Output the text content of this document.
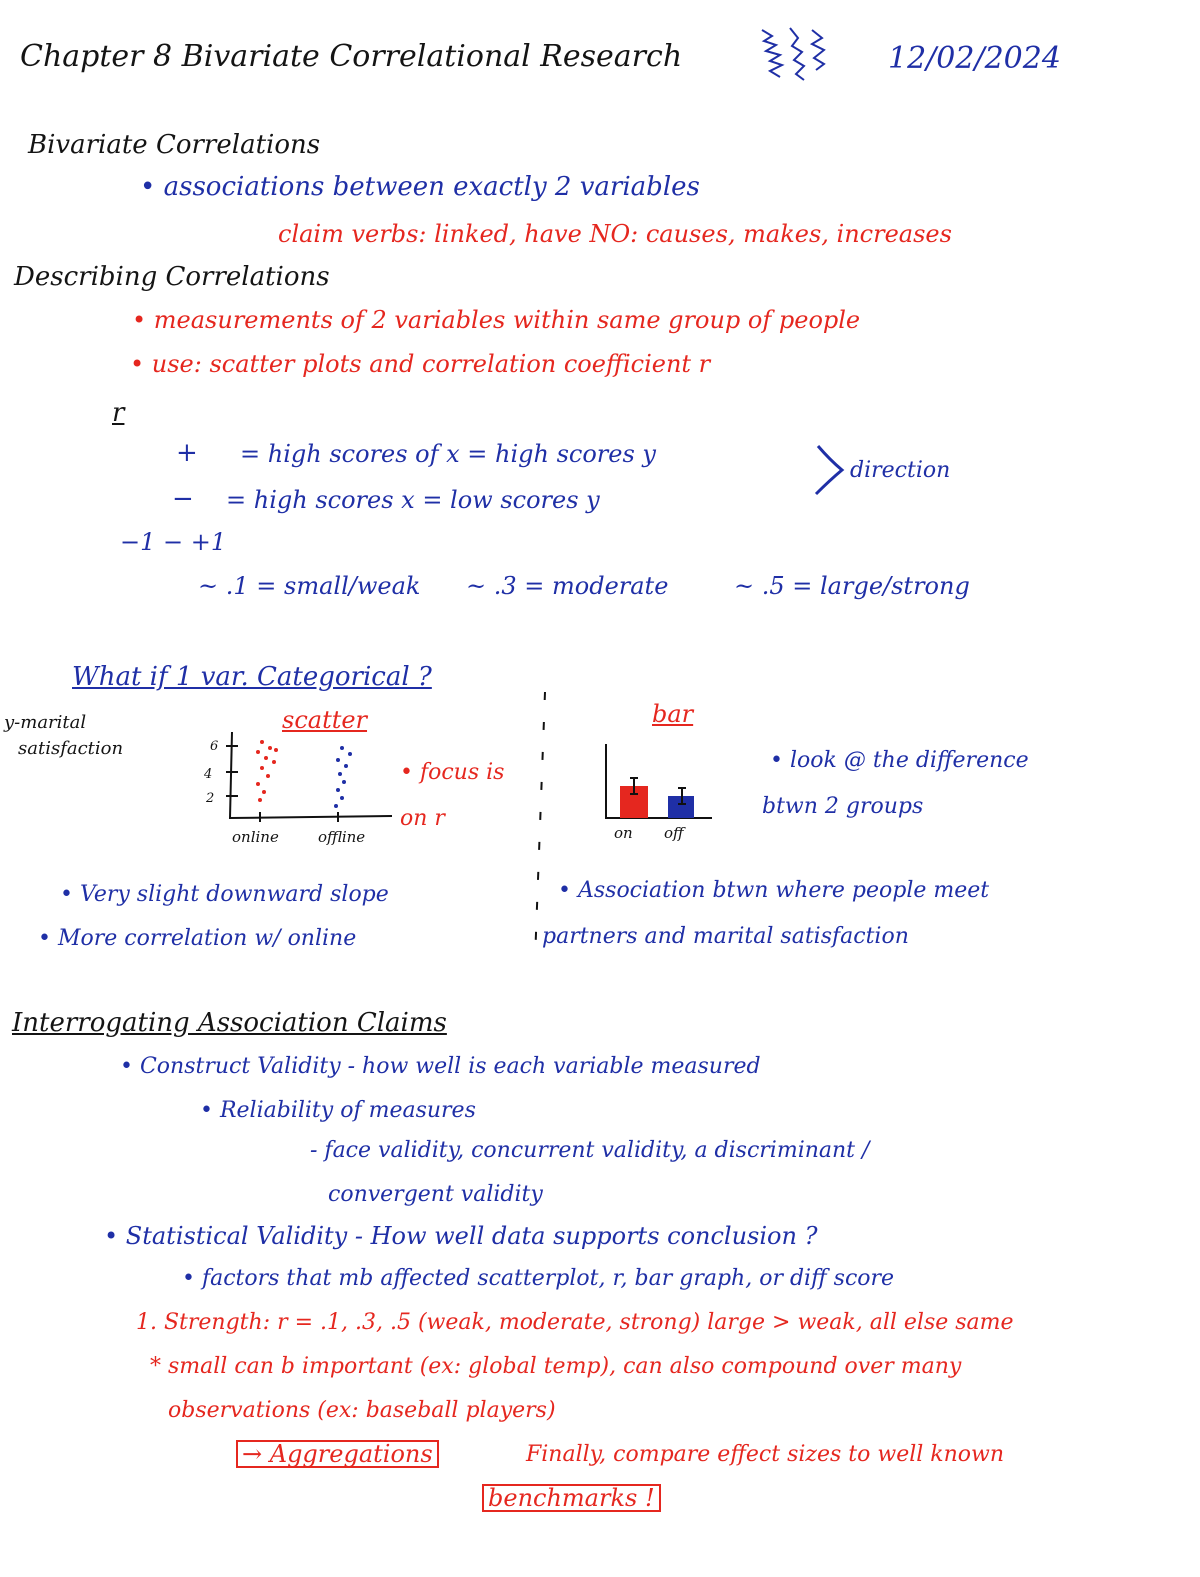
Chapter 8 Bivariate Correlational Research	12/02/2024
Bivariate Correlations
• associations between exactly 2 variables
claim verbs: linked, have NO: causes, makes, increases
Describing Correlations
• measurements of 2 variables within same group of people
• use: scatter plots and correlation coefficient r
r
+ = high scores of x = high scores y
− = high scores x = low scores y
direction
−1 − +1
~ .1 = small/weak ~ .3 = moderate	~ .5 = large/strong
What if 1 var. Categorical ?
scatter
y-marital
satisfaction	6
4
2
online	offline
• focus is on r
bar
on off
• look @ the difference
btwn 2 groups
• Very slight downward slope
• More correlation w/ online
• Association btwn where people meet
partners and marital satisfaction
Interrogating Association Claims
• Construct Validity - how well is each variable measured
• Reliability of measures
- face validity, concurrent validity, a discriminant /
convergent validity
• Statistical Validity - How well data supports conclusion ?
• factors that mb affected scatterplot, r, bar graph, or diff score
1. Strength: r = .1, .3, .5 (weak, moderate, strong) large > weak, all else same
* small can b important (ex: global temp), can also compound over many
observations (ex: baseball players)
→ Aggregations	Finally, compare effect sizes to well known
benchmarks !
